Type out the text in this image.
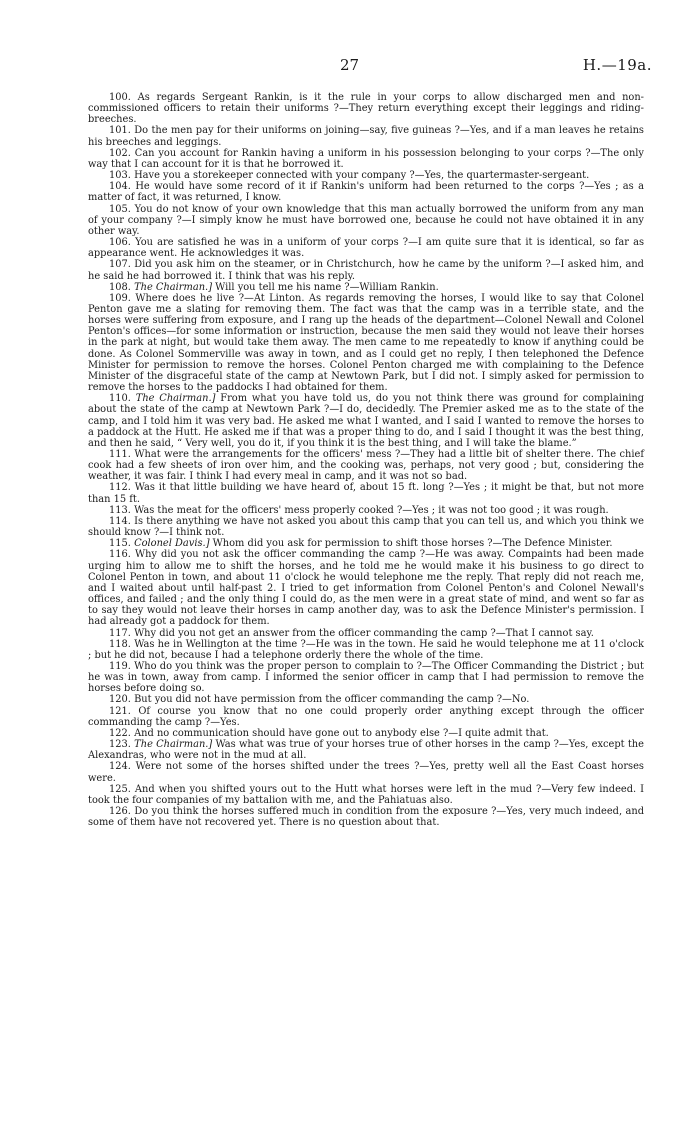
27	H.—19a.

100. As regards Sergeant Rankin, is it the rule in your corps to allow discharged men and non-commissioned officers to retain their uniforms ?—They return everything except their leggings and riding-breeches.

101. Do the men pay for their uniforms on joining—say, five guineas ?—Yes, and if a man leaves he retains his breeches and leggings.

102. Can you account for Rankin having a uniform in his possession belonging to your corps ?—The only way that I can account for it is that he borrowed it.

103. Have you a storekeeper connected with your company ?—Yes, the quartermaster-sergeant.

104. He would have some record of it if Rankin's uniform had been returned to the corps ?—Yes ; as a matter of fact, it was returned, I know.

105. You do not know of your own knowledge that this man actually borrowed the uniform from any man of your company ?—I simply know he must have borrowed one, because he could not have obtained it in any other way.

106. You are satisfied he was in a uniform of your corps ?—I am quite sure that it is identical, so far as appearance went. He acknowledges it was.

107. Did you ask him on the steamer, or in Christchurch, how he came by the uniform ?—I asked him, and he said he had borrowed it. I think that was his reply.

108. The Chairman.] Will you tell me his name ?—William Rankin.

109. Where does he live ?—At Linton. As regards removing the horses, I would like to say that Colonel Penton gave me a slating for removing them. The fact was that the camp was in a terrible state, and the horses were suffering from exposure, and I rang up the heads of the department—Colonel Newall and Colonel Penton's offices—for some information or instruction, because the men said they would not leave their horses in the park at night, but would take them away. The men came to me repeatedly to know if anything could be done. As Colonel Sommerville was away in town, and as I could get no reply, I then telephoned the Defence Minister for permission to remove the horses. Colonel Penton charged me with complaining to the Defence Minister of the disgraceful state of the camp at Newtown Park, but I did not. I simply asked for permission to remove the horses to the paddocks I had obtained for them.

110. The Chairman.] From what you have told us, do you not think there was ground for complaining about the state of the camp at Newtown Park ?—I do, decidedly. The Premier asked me as to the state of the camp, and I told him it was very bad. He asked me what I wanted, and I said I wanted to remove the horses to a paddock at the Hutt. He asked me if that was a proper thing to do, and I said I thought it was the best thing, and then he said, “ Very well, you do it, if you think it is the best thing, and I will take the blame.”

111. What were the arrangements for the officers' mess ?—They had a little bit of shelter there. The chief cook had a few sheets of iron over him, and the cooking was, perhaps, not very good ; but, considering the weather, it was fair. I think I had every meal in camp, and it was not so bad.

112. Was it that little building we have heard of, about 15 ft. long ?—Yes ; it might be that, but not more than 15 ft.

113. Was the meat for the officers' mess properly cooked ?—Yes ; it was not too good ; it was rough.

114. Is there anything we have not asked you about this camp that you can tell us, and which you think we should know ?—I think not.

115. Colonel Davis.] Whom did you ask for permission to shift those horses ?—The Defence Minister.

116. Why did you not ask the officer commanding the camp ?—He was away. Compaints had been made urging him to allow me to shift the horses, and he told me he would make it his business to go direct to Colonel Penton in town, and about 11 o'clock he would telephone me the reply. That reply did not reach me, and I waited about until half-past 2. I tried to get information from Colonel Penton's and Colonel Newall's offices, and failed ; and the only thing I could do, as the men were in a great state of mind, and went so far as to say they would not leave their horses in camp another day, was to ask the Defence Minister's permission. I had already got a paddock for them.

117. Why did you not get an answer from the officer commanding the camp ?—That I cannot say.

118. Was he in Wellington at the time ?—He was in the town. He said he would telephone me at 11 o'clock ; but he did not, because I had a telephone orderly there the whole of the time.

119. Who do you think was the proper person to complain to ?—The Officer Commanding the District ; but he was in town, away from camp. I informed the senior officer in camp that I had permission to remove the horses before doing so.

120. But you did not have permission from the officer commanding the camp ?—No.

121. Of course you know that no one could properly order anything except through the officer commanding the camp ?—Yes.

122. And no communication should have gone out to anybody else ?—I quite admit that.

123. The Chairman.] Was what was true of your horses true of other horses in the camp ?—Yes, except the Alexandras, who were not in the mud at all.

124. Were not some of the horses shifted under the trees ?—Yes, pretty well all the East Coast horses were.

125. And when you shifted yours out to the Hutt what horses were left in the mud ?—Very few indeed. I took the four companies of my battalion with me, and the Pahiatuas also.

126. Do you think the horses suffered much in condition from the exposure ?—Yes, very much indeed, and some of them have not recovered yet. There is no question about that.
